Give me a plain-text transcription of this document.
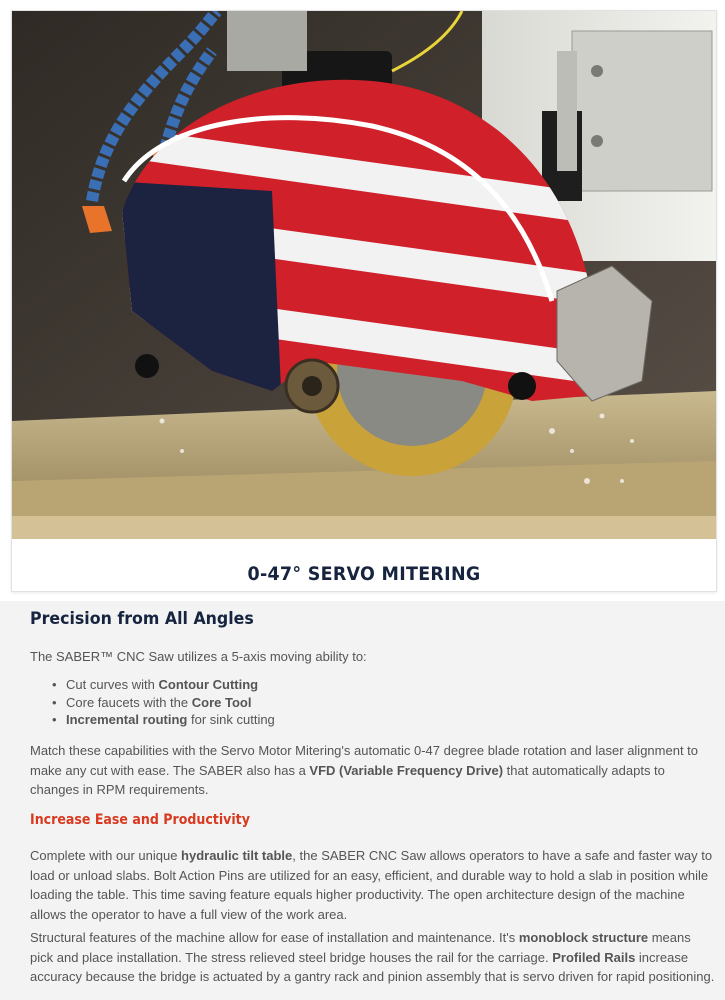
0-47° SERVO MITERING
Precision from All Angles

The SABER™ CNC Saw utilizes a 5-axis moving ability to:

• Cut curves with Contour Cutting
• Core faucets with the Core Tool
• Incremental routing for sink cutting

Match these capabilities with the Servo Motor Mitering's automatic 0-47 degree blade rotation and laser alignment to make any cut with ease. The SABER also has a VFD (Variable Frequency Drive) that automatically adapts to changes in RPM requirements.

Increase Ease and Productivity

Complete with our unique hydraulic tilt table, the SABER CNC Saw allows operators to have a safe and faster way to load or unload slabs. Bolt Action Pins are utilized for an easy, efficient, and durable way to hold a slab in position while loading the table. This time saving feature equals higher productivity. The open architecture design of the machine allows the operator to have a full view of the work area.

Structural features of the machine allow for ease of installation and maintenance. It's monoblock structure means pick and place installation. The stress relieved steel bridge houses the rail for the carriage. Profiled Rails increase accuracy because the bridge is actuated by a gantry rack and pinion assembly that is servo driven for rapid positioning.
